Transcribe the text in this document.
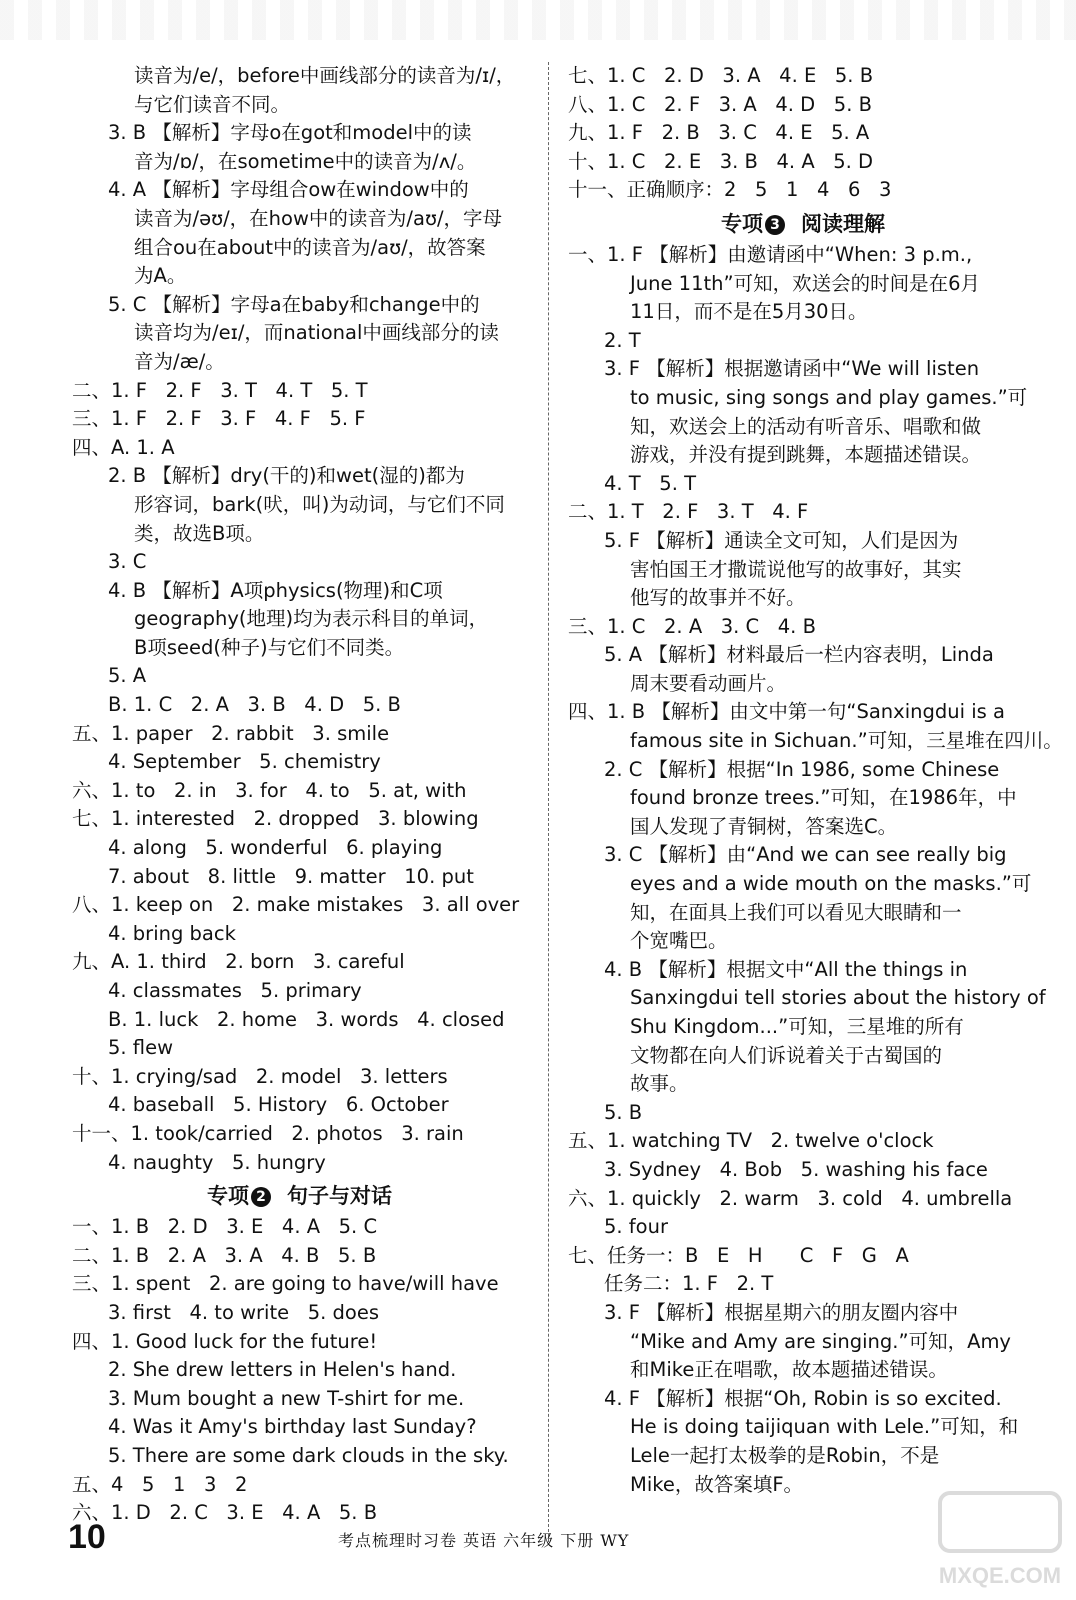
读音为/e/，before中画线部分的读音为/ɪ/，
与它们读音不同。
3. B 【解析】字母o在got和model中的读
音为/ɒ/，在sometime中的读音为/ʌ/。
4. A 【解析】字母组合ow在window中的
读音为/əʊ/，在how中的读音为/aʊ/，字母
组合ou在about中的读音为/aʊ/，故答案
为A。
5. C 【解析】字母a在baby和change中的
读音均为/eɪ/，而national中画线部分的读
音为/æ/。
二、1. F   2. F   3. T   4. T   5. T
三、1. F   2. F   3. F   4. F   5. F
四、A. 1. A
2. B 【解析】dry(干的)和wet(湿的)都为
形容词，bark(吠，叫)为动词，与它们不同
类，故选B项。
3. C
4. B 【解析】A项physics(物理)和C项
geography(地理)均为表示科目的单词，
B项seed(种子)与它们不同类。
5. A
B. 1. C   2. A   3. B   4. D   5. B
五、1. paper   2. rabbit   3. smile
4. September   5. chemistry
六、1. to   2. in   3. for   4. to   5. at, with
七、1. interested   2. dropped   3. blowing
4. along   5. wonderful   6. playing
7. about   8. little   9. matter   10. put
八、1. keep on   2. make mistakes   3. all over
4. bring back
九、A. 1. third   2. born   3. careful
4. classmates   5. primary
B. 1. luck   2. home   3. words   4. closed
5. flew
十、1. crying/sad   2. model   3. letters
4. baseball   5. History   6. October
十一、1. took/carried   2. photos   3. rain
4. naughty   5. hungry
专项 2 句子与对话
一、1. B   2. D   3. E   4. A   5. C
二、1. B   2. A   3. A   4. B   5. B
三、1. spent   2. are going to have/will have
3. first   4. to write   5. does
四、1. Good luck for the future!
2. She drew letters in Helen's hand.
3. Mum bought a new T-shirt for me.
4. Was it Amy's birthday last Sunday?
5. There are some dark clouds in the sky.
五、4   5   1   3   2
六、1. D   2. C   3. E   4. A   5. B
七、1. C   2. D   3. A   4. E   5. B
八、1. C   2. F   3. A   4. D   5. B
九、1. F   2. B   3. C   4. E   5. A
十、1. C   2. E   3. B   4. A   5. D
十一、正确顺序：2   5   1   4   6   3
专项 3 阅读理解
一、1. F 【解析】由邀请函中“When: 3 p.m.,
June 11th”可知，欢送会的时间是在6月
11日，而不是在5月30日。
2. T
3. F 【解析】根据邀请函中“We will listen
to music, sing songs and play games.”可
知，欢送会上的活动有听音乐、唱歌和做
游戏，并没有提到跳舞，本题描述错误。
4. T   5. T
二、1. T   2. F   3. T   4. F
5. F 【解析】通读全文可知，人们是因为
害怕国王才撒谎说他写的故事好，其实
他写的故事并不好。
三、1. C   2. A   3. C   4. B
5. A 【解析】材料最后一栏内容表明，Linda
周末要看动画片。
四、1. B 【解析】由文中第一句“Sanxingdui is a
famous site in Sichuan.”可知，三星堆在四川。
2. C 【解析】根据“In 1986, some Chinese
found bronze trees.”可知，在1986年，中
国人发现了青铜树，答案选C。
3. C 【解析】由“And we can see really big
eyes and a wide mouth on the masks.”可
知，在面具上我们可以看见大眼睛和一
个宽嘴巴。
4. B 【解析】根据文中“All the things in
Sanxingdui tell stories about the history of
Shu Kingdom...”可知，三星堆的所有
文物都在向人们诉说着关于古蜀国的
故事。
5. B
五、1. watching TV   2. twelve o'clock
3. Sydney   4. Bob   5. washing his face
六、1. quickly   2. warm   3. cold   4. umbrella
5. four
七、任务一：B   E   H      C   F   G   A
任务二：1. F   2. T
3. F 【解析】根据星期六的朋友圈内容中
“Mike and Amy are singing.”可知，Amy
和Mike正在唱歌，故本题描述错误。
4. F 【解析】根据“Oh, Robin is so excited.
He is doing taijiquan with Lele.”可知，和
Lele一起打太极拳的是Robin，不是
Mike，故答案填F。
10	考点梳理时习卷 英语 六年级 下册 WY
MXQE.COM
